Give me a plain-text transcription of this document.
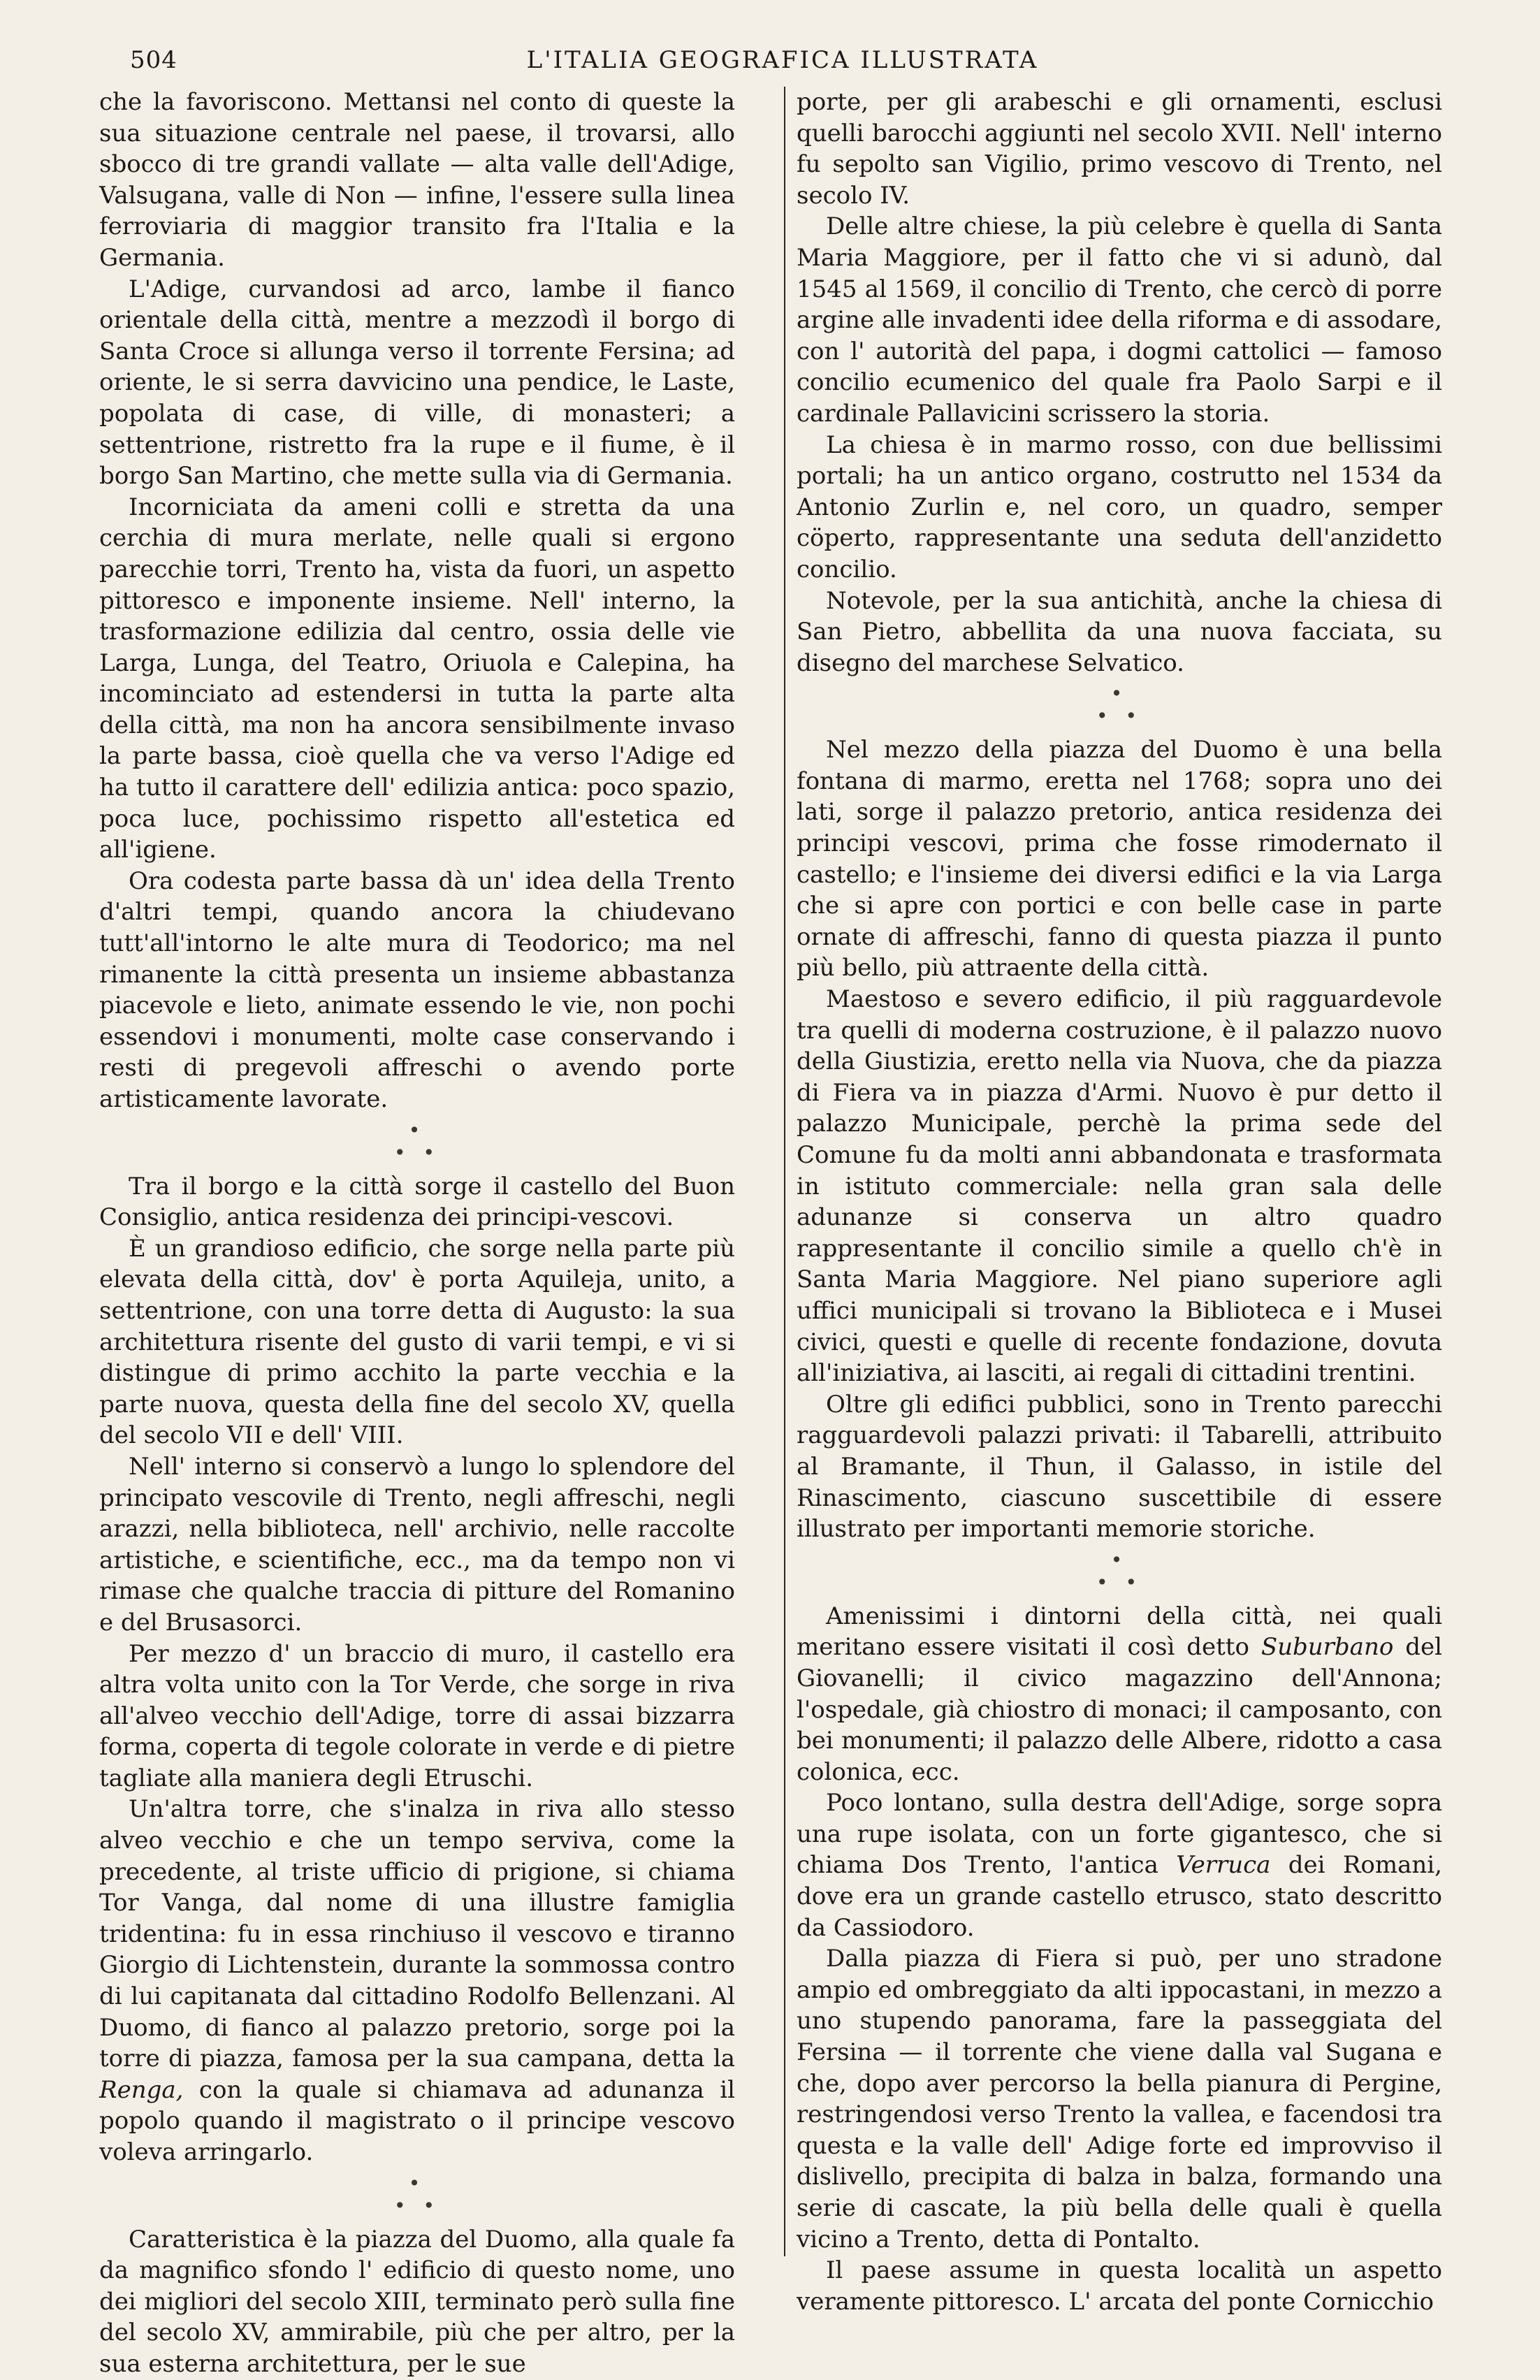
504	L'ITALIA GEOGRAFICA ILLUSTRATA

che la favoriscono. Mettansi nel conto di queste la sua situazione centrale nel paese, il trovarsi, allo sbocco di tre grandi vallate — alta valle dell'Adige, Valsugana, valle di Non — infine, l'essere sulla linea ferroviaria di maggior transito fra l'Italia e la Germania.

L'Adige, curvandosi ad arco, lambe il fianco orientale della città, mentre a mezzodì il borgo di Santa Croce si allunga verso il torrente Fersina; ad oriente, le si serra davvicino una pendice, le Laste, popolata di case, di ville, di monasteri; a settentrione, ristretto fra la rupe e il fiume, è il borgo San Martino, che mette sulla via di Germania.

Incorniciata da ameni colli e stretta da una cerchia di mura merlate, nelle quali si ergono parecchie torri, Trento ha, vista da fuori, un aspetto pittoresco e imponente insieme. Nell' interno, la trasformazione edilizia dal centro, ossia delle vie Larga, Lunga, del Teatro, Oriuola e Calepina, ha incominciato ad estendersi in tutta la parte alta della città, ma non ha ancora sensibilmente invaso la parte bassa, cioè quella che va verso l'Adige ed ha tutto il carattere dell' edilizia antica: poco spazio, poca luce, pochissimo rispetto all'estetica ed all'igiene.

Ora codesta parte bassa dà un' idea della Trento d'altri tempi, quando ancora la chiudevano tutt'all'intorno le alte mura di Teodorico; ma nel rimanente la città presenta un insieme abbastanza piacevole e lieto, animate essendo le vie, non pochi essendovi i monumenti, molte case conservando i resti di pregevoli affreschi o avendo porte artisticamente lavorate.

•
• •

Tra il borgo e la città sorge il castello del Buon Consiglio, antica residenza dei principi-vescovi.

È un grandioso edificio, che sorge nella parte più elevata della città, dov' è porta Aquileja, unito, a settentrione, con una torre detta di Augusto: la sua architettura risente del gusto di varii tempi, e vi si distingue di primo acchito la parte vecchia e la parte nuova, questa della fine del secolo XV, quella del secolo VII e dell' VIII.

Nell' interno si conservò a lungo lo splendore del principato vescovile di Trento, negli affreschi, negli arazzi, nella biblioteca, nell' archivio, nelle raccolte artistiche, e scientifiche, ecc., ma da tempo non vi rimase che qualche traccia di pitture del Romanino e del Brusasorci.

Per mezzo d' un braccio di muro, il castello era altra volta unito con la Tor Verde, che sorge in riva all'alveo vecchio dell'Adige, torre di assai bizzarra forma, coperta di tegole colorate in verde e di pietre tagliate alla maniera degli Etruschi.

Un'altra torre, che s'inalza in riva allo stesso alveo vecchio e che un tempo serviva, come la precedente, al triste ufficio di prigione, si chiama Tor Vanga, dal nome di una illustre famiglia tridentina: fu in essa rinchiuso il vescovo e tiranno Giorgio di Lichtenstein, durante la sommossa contro di lui capitanata dal cittadino Rodolfo Bellenzani. Al Duomo, di fianco al palazzo pretorio, sorge poi la torre di piazza, famosa per la sua campana, detta la Renga, con la quale si chiamava ad adunanza il popolo quando il magistrato o il principe vescovo voleva arringarlo.

•
• •

Caratteristica è la piazza del Duomo, alla quale fa da magnifico sfondo l' edificio di questo nome, uno dei migliori del secolo XIII, terminato però sulla fine del secolo XV, ammirabile, più che per altro, per la sua esterna architettura, per le sue

porte, per gli arabeschi e gli ornamenti, esclusi quelli barocchi aggiunti nel secolo XVII. Nell' interno fu sepolto san Vigilio, primo vescovo di Trento, nel secolo IV.

Delle altre chiese, la più celebre è quella di Santa Maria Maggiore, per il fatto che vi si adunò, dal 1545 al 1569, il concilio di Trento, che cercò di porre argine alle invadenti idee della riforma e di assodare, con l' autorità del papa, i dogmi cattolici — famoso concilio ecumenico del quale fra Paolo Sarpi e il cardinale Pallavicini scrissero la storia.

La chiesa è in marmo rosso, con due bellissimi portali; ha un antico organo, costrutto nel 1534 da Antonio Zurlin e, nel coro, un quadro, semper cöperto, rappresentante una seduta dell'anzidetto concilio.

Notevole, per la sua antichità, anche la chiesa di San Pietro, abbellita da una nuova facciata, su disegno del marchese Selvatico.

•
• •

Nel mezzo della piazza del Duomo è una bella fontana di marmo, eretta nel 1768; sopra uno dei lati, sorge il palazzo pretorio, antica residenza dei principi vescovi, prima che fosse rimodernato il castello; e l'insieme dei diversi edifici e la via Larga che si apre con portici e con belle case in parte ornate di affreschi, fanno di questa piazza il punto più bello, più attraente della città.

Maestoso e severo edificio, il più ragguardevole tra quelli di moderna costruzione, è il palazzo nuovo della Giustizia, eretto nella via Nuova, che da piazza di Fiera va in piazza d'Armi. Nuovo è pur detto il palazzo Municipale, perchè la prima sede del Comune fu da molti anni abbandonata e trasformata in istituto commerciale: nella gran sala delle adunanze si conserva un altro quadro rappresentante il concilio simile a quello ch'è in Santa Maria Maggiore. Nel piano superiore agli uffici municipali si trovano la Biblioteca e i Musei civici, questi e quelle di recente fondazione, dovuta all'iniziativa, ai lasciti, ai regali di cittadini trentini.

Oltre gli edifici pubblici, sono in Trento parecchi ragguardevoli palazzi privati: il Tabarelli, attribuito al Bramante, il Thun, il Galasso, in istile del Rinascimento, ciascuno suscettibile di essere illustrato per importanti memorie storiche.

•
• •

Amenissimi i dintorni della città, nei quali meritano essere visitati il così detto Suburbano del Giovanelli; il civico magazzino dell'Annona; l'ospedale, già chiostro di monaci; il camposanto, con bei monumenti; il palazzo delle Albere, ridotto a casa colonica, ecc.

Poco lontano, sulla destra dell'Adige, sorge sopra una rupe isolata, con un forte gigantesco, che si chiama Dos Trento, l'antica Verruca dei Romani, dove era un grande castello etrusco, stato descritto da Cassiodoro.

Dalla piazza di Fiera si può, per uno stradone ampio ed ombreggiato da alti ippocastani, in mezzo a uno stupendo panorama, fare la passeggiata del Fersina — il torrente che viene dalla val Sugana e che, dopo aver percorso la bella pianura di Pergine, restringendosi verso Trento la vallea, e facendosi tra questa e la valle dell' Adige forte ed improvviso il dislivello, precipita di balza in balza, formando una serie di cascate, la più bella delle quali è quella vicino a Trento, detta di Pontalto.

Il paese assume in questa località un aspetto veramente pittoresco. L' arcata del ponte Cornicchio
